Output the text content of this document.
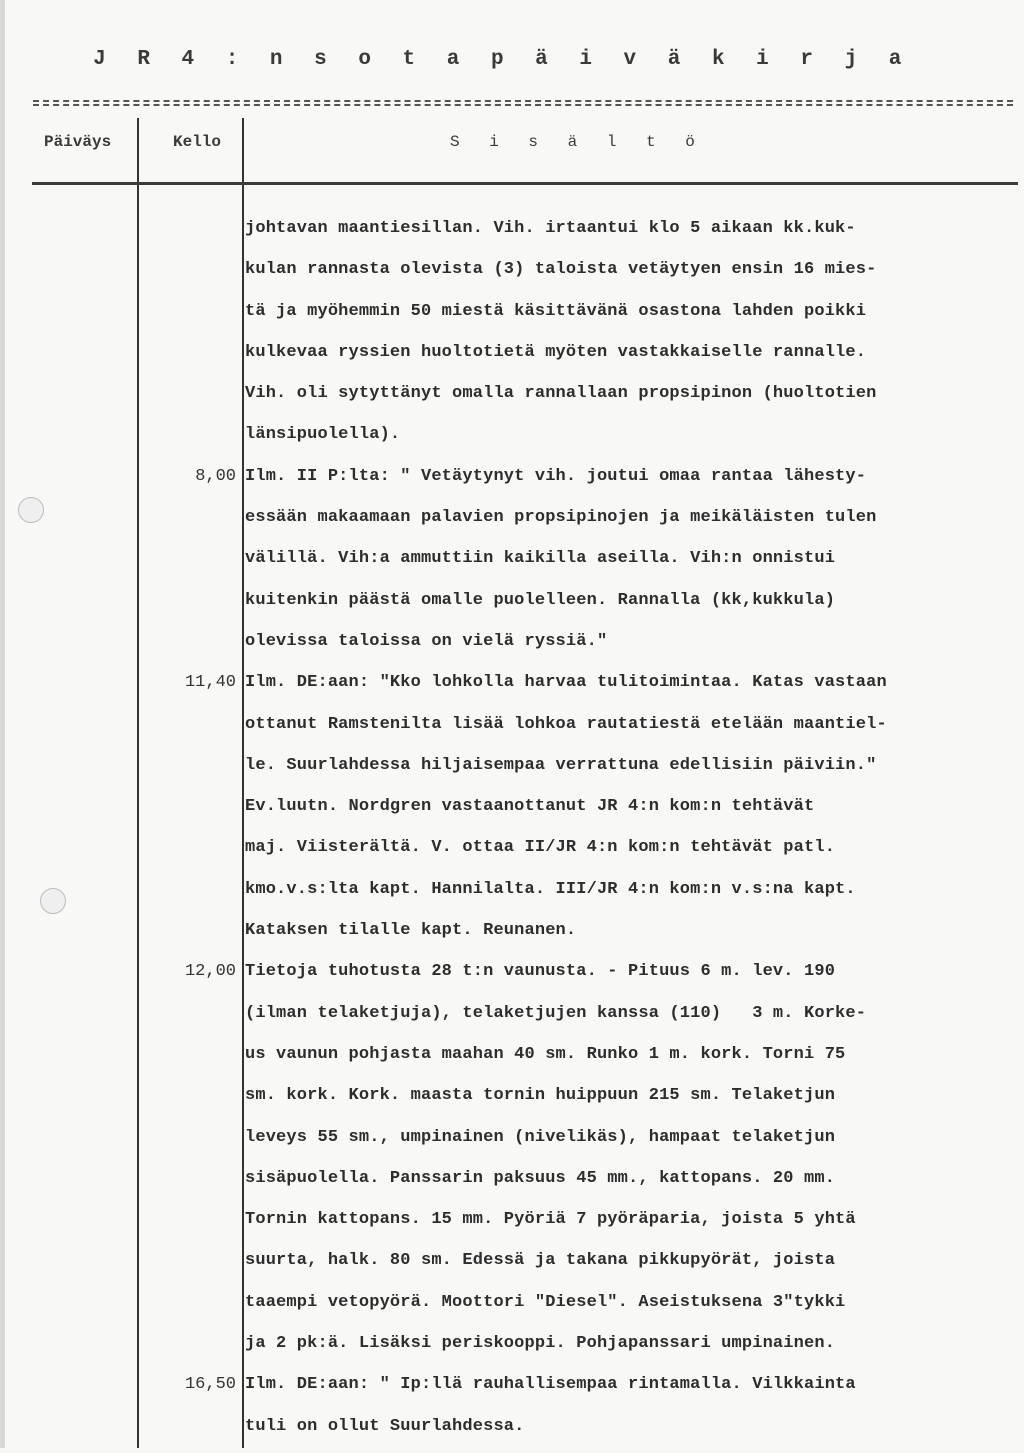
J R 4 : n s o t a p ä i v ä k i r j a
Päiväys	Kello	S i s ä l t ö
johtavan maantiesillan. Vih. irtaantui klo 5 aikaan kk.kuk-
kulan rannasta olevista (3) taloista vetäytyen ensin 16 mies-
tä ja myöhemmin 50 miestä käsittävänä osastona lahden poikki
kulkevaa ryssien huoltotietä myöten vastakkaiselle rannalle.
Vih. oli sytyttänyt omalla rannallaan propsipinon (huoltotien
länsipuolella).
8,00 Ilm. II P:lta: " Vetäytynyt vih. joutui omaa rantaa lähesty-
essään makaamaan palavien propsipinojen ja meikäläisten tulen
välillä. Vih:a ammuttiin kaikilla aseilla. Vih:n onnistui
kuitenkin päästä omalle puolelleen. Rannalla (kk,kukkula)
olevissa taloissa on vielä ryssiä."
11,40 Ilm. DE:aan: "Kko lohkolla harvaa tulitoimintaa. Katas vastaan
ottanut Ramstenilta lisää lohkoa rautatiestä etelään maantiel-
le. Suurlahdessa hiljaisempaa verrattuna edellisiin päiviin."
Ev.luutn. Nordgren vastaanottanut JR 4:n kom:n tehtävät
maj. Viisterältä. V. ottaa II/JR 4:n kom:n tehtävät patl.
kmo.v.s:lta kapt. Hannilalta. III/JR 4:n kom:n v.s:na kapt.
Kataksen tilalle kapt. Reunanen.
12,00 Tietoja tuhotusta 28 t:n vaunusta. - Pituus 6 m. lev. 190
(ilman telaketjuja), telaketjujen kanssa (110)   3 m. Korke-
us vaunun pohjasta maahan 40 sm. Runko 1 m. kork. Torni 75
sm. kork. Kork. maasta tornin huippuun 215 sm. Telaketjun
leveys 55 sm., umpinainen (nivelikäs), hampaat telaketjun
sisäpuolella. Panssarin paksuus 45 mm., kattopans. 20 mm.
Tornin kattopans. 15 mm. Pyöriä 7 pyöräparia, joista 5 yhtä
suurta, halk. 80 sm. Edessä ja takana pikkupyörät, joista
taaempi vetopyörä. Moottori "Diesel". Aseistuksena 3"tykki
ja 2 pk:ä. Lisäksi periskooppi. Pohjapanssari umpinainen.
16,50 Ilm. DE:aan: " Ip:llä rauhallisempaa rintamalla. Vilkkainta
tuli on ollut Suurlahdessa.
